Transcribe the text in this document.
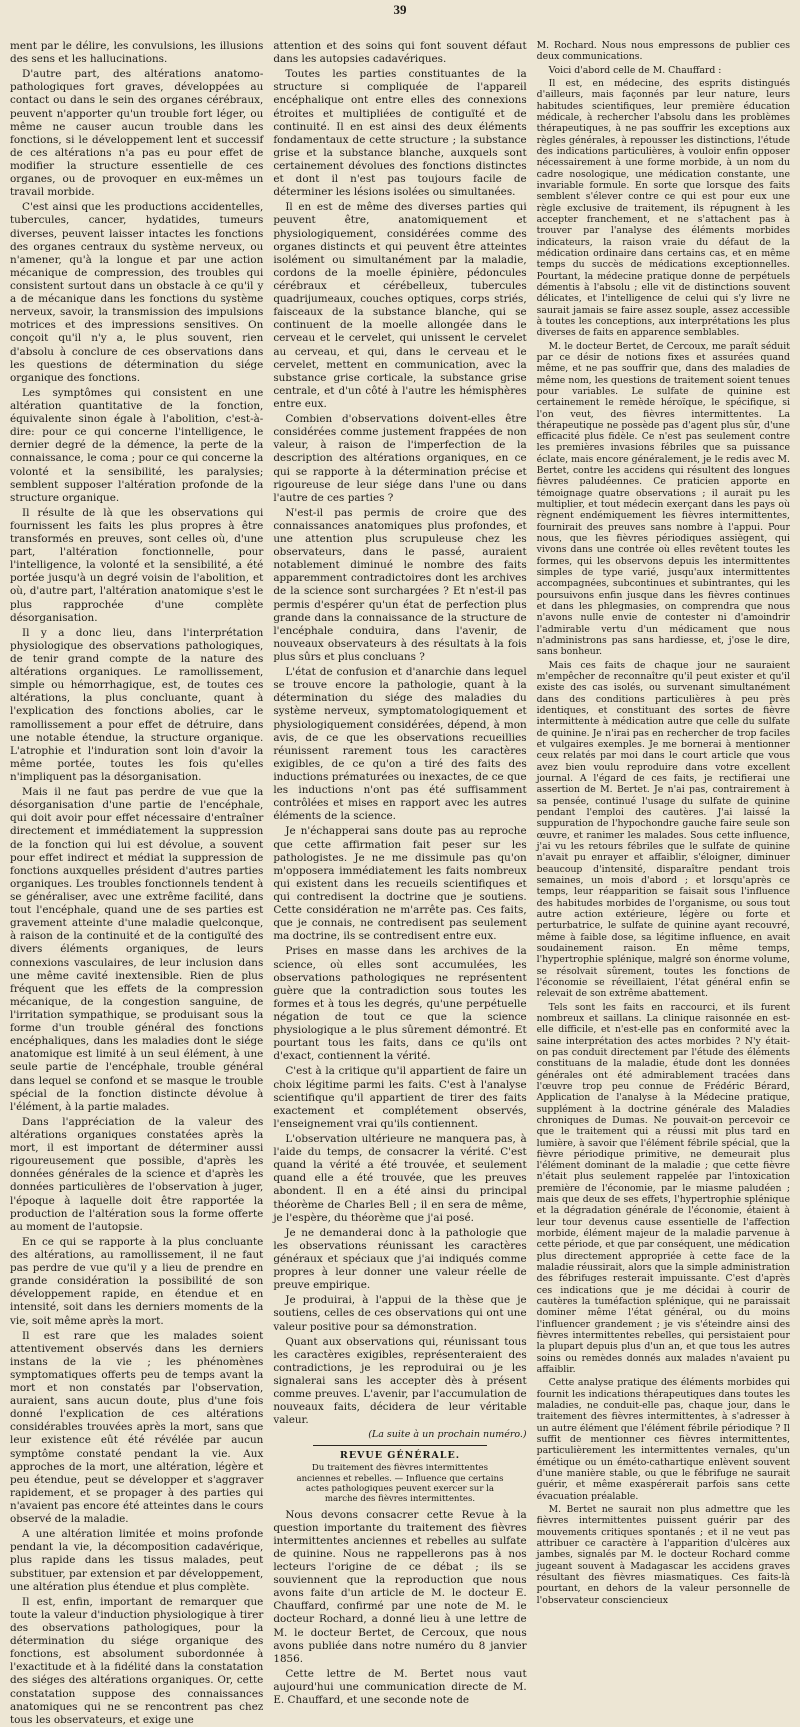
39

ment par le délire, les convulsions, les illusions des sens et les hallucinations.

D'autre part, des altérations anatomo-pathologiques fort graves, développées au contact ou dans le sein des organes cérébraux, peuvent n'apporter qu'un trouble fort léger, ou même ne causer aucun trouble dans les fonctions, si le développement lent et successif de ces altérations n'a pas eu pour effet de modifier la structure essentielle de ces organes, ou de provoquer en eux-mêmes un travail morbide.

C'est ainsi que les productions accidentelles, tubercules, cancer, hydatides, tumeurs diverses, peuvent laisser intactes les fonctions des organes centraux du système nerveux, ou n'amener, qu'à la longue et par une action mécanique de compression, des troubles qui consistent surtout dans un obstacle à ce qu'il y a de mécanique dans les fonctions du système nerveux, savoir, la transmission des impulsions motrices et des impressions sensitives. On conçoit qu'il n'y a, le plus souvent, rien d'absolu à conclure de ces observations dans les questions de détermination du siége organique des fonctions.

Les symptômes qui consistent en une altération quantitative de la fonction, équivalente sinon égale à l'abolition, c'est-à-dire: pour ce qui concerne l'intelligence, le dernier degré de la démence, la perte de la connaissance, le coma ; pour ce qui concerne la volonté et la sensibilité, les paralysies; semblent supposer l'altération profonde de la structure organique.

Il résulte de là que les observations qui fournissent les faits les plus propres à être transformés en preuves, sont celles où, d'une part, l'altération fonctionnelle, pour l'intelligence, la volonté et la sensibilité, a été portée jusqu'à un degré voisin de l'abolition, et où, d'autre part, l'altération anatomique s'est le plus rapprochée d'une complète désorganisation.

Il y a donc lieu, dans l'interprétation physiologique des observations pathologiques, de tenir grand compte de la nature des altérations organiques. Le ramollissement, simple ou hémorrhagique, est, de toutes ces altérations, la plus concluante, quant à l'explication des fonctions abolies, car le ramollissement a pour effet de détruire, dans une notable étendue, la structure organique. L'atrophie et l'induration sont loin d'avoir la même portée, toutes les fois qu'elles n'impliquent pas la désorganisation.

Mais il ne faut pas perdre de vue que la désorganisation d'une partie de l'encéphale, qui doit avoir pour effet nécessaire d'entraîner directement et immédiatement la suppression de la fonction qui lui est dévolue, a souvent pour effet indirect et médiat la suppression de fonctions auxquelles président d'autres parties organiques. Les troubles fonctionnels tendent à se généraliser, avec une extrême facilité, dans tout l'encéphale, quand une de ses parties est gravement atteinte d'une maladie quelconque, à raison de la continuité et de la contiguïté des divers éléments organiques, de leurs connexions vasculaires, de leur inclusion dans une même cavité inextensible. Rien de plus fréquent que les effets de la compression mécanique, de la congestion sanguine, de l'irritation sympathique, se produisant sous la forme d'un trouble général des fonctions encéphaliques, dans les maladies dont le siége anatomique est limité à un seul élément, à une seule partie de l'encéphale, trouble général dans lequel se confond et se masque le trouble spécial de la fonction distincte dévolue à l'élément, à la partie malades.

Dans l'appréciation de la valeur des altérations organiques constatées après la mort, il est important de déterminer aussi rigoureusement que possible, d'après les données générales de la science et d'après les données particulières de l'observation à juger, l'époque à laquelle doit être rapportée la production de l'altération sous la forme offerte au moment de l'autopsie.

En ce qui se rapporte à la plus concluante des altérations, au ramollissement, il ne faut pas perdre de vue qu'il y a lieu de prendre en grande considération la possibilité de son développement rapide, en étendue et en intensité, soit dans les derniers moments de la vie, soit même après la mort.

Il est rare que les malades soient attentivement observés dans les derniers instans de la vie ; les phénomènes symptomatiques offerts peu de temps avant la mort et non constatés par l'observation, auraient, sans aucun doute, plus d'une fois donné l'explication de ces altérations considérables trouvées après la mort, sans que leur existence eût été révélée par aucun symptôme constaté pendant la vie. Aux approches de la mort, une altération, légère et peu étendue, peut se développer et s'aggraver rapidement, et se propager à des parties qui n'avaient pas encore été atteintes dans le cours observé de la maladie.

A une altération limitée et moins profonde pendant la vie, la décomposition cadavérique, plus rapide dans les tissus malades, peut substituer, par extension et par développement, une altération plus étendue et plus complète.

Il est, enfin, important de remarquer que toute la valeur d'induction physiologique à tirer des observations pathologiques, pour la détermination du siége organique des fonctions, est absolument subordonnée à l'exactitude et à la fidélité dans la constatation des siéges des altérations organiques. Or, cette constatation suppose des connaissances anatomiques qui ne se rencontrent pas chez tous les observateurs, et exige une

attention et des soins qui font souvent défaut dans les autopsies cadavériques.

Toutes les parties constituantes de la structure si compliquée de l'appareil encéphalique ont entre elles des connexions étroites et multipliées de contiguïté et de continuité. Il en est ainsi des deux éléments fondamentaux de cette structure ; la substance grise et la substance blanche, auxquels sont certainement dévolues des fonctions distinctes et dont il n'est pas toujours facile de déterminer les lésions isolées ou simultanées.

Il en est de même des diverses parties qui peuvent être, anatomiquement et physiologiquement, considérées comme des organes distincts et qui peuvent être atteintes isolément ou simultanément par la maladie, cordons de la moelle épinière, pédoncules cérébraux et cérébelleux, tubercules quadrijumeaux, couches optiques, corps striés, faisceaux de la substance blanche, qui se continuent de la moelle allongée dans le cerveau et le cervelet, qui unissent le cervelet au cerveau, et qui, dans le cerveau et le cervelet, mettent en communication, avec la substance grise corticale, la substance grise centrale, et d'un côté à l'autre les hémisphères entre eux.

Combien d'observations doivent-elles être considérées comme justement frappées de non valeur, à raison de l'imperfection de la description des altérations organiques, en ce qui se rapporte à la détermination précise et rigoureuse de leur siége dans l'une ou dans l'autre de ces parties ?

N'est-il pas permis de croire que des connaissances anatomiques plus profondes, et une attention plus scrupuleuse chez les observateurs, dans le passé, auraient notablement diminué le nombre des faits apparemment contradictoires dont les archives de la science sont surchargées ? Et n'est-il pas permis d'espérer qu'un état de perfection plus grande dans la connaissance de la structure de l'encéphale conduira, dans l'avenir, de nouveaux observateurs à des résultats à la fois plus sûrs et plus concluans ?

L'état de confusion et d'anarchie dans lequel se trouve encore la pathologie, quant à la détermination du siége des maladies du système nerveux, symptomatologiquement et physiologiquement considérées, dépend, à mon avis, de ce que les observations recueillies réunissent rarement tous les caractères exigibles, de ce qu'on a tiré des faits des inductions prématurées ou inexactes, de ce que les inductions n'ont pas été suffisamment contrôlées et mises en rapport avec les autres éléments de la science.

Je n'échapperai sans doute pas au reproche que cette affirmation fait peser sur les pathologistes. Je ne me dissimule pas qu'on m'opposera immédiatement les faits nombreux qui existent dans les recueils scientifiques et qui contredisent la doctrine que je soutiens. Cette considération ne m'arrête pas. Ces faits, que je connais, ne contredisent pas seulement ma doctrine, ils se contredisent entre eux.

Prises en masse dans les archives de la science, où elles sont accumulées, les observations pathologiques ne représentent guère que la contradiction sous toutes les formes et à tous les degrés, qu'une perpétuelle négation de tout ce que la science physiologique a le plus sûrement démontré. Et pourtant tous les faits, dans ce qu'ils ont d'exact, contiennent la vérité.

C'est à la critique qu'il appartient de faire un choix légitime parmi les faits. C'est à l'analyse scientifique qu'il appartient de tirer des faits exactement et complétement observés, l'enseignement vrai qu'ils contiennent.

L'observation ultérieure ne manquera pas, à l'aide du temps, de consacrer la vérité. C'est quand la vérité a été trouvée, et seulement quand elle a été trouvée, que les preuves abondent. Il en a été ainsi du principal théorème de Charles Bell ; il en sera de même, je l'espère, du théorème que j'ai posé.

Je ne demanderai donc à la pathologie que les observations réunissant les caractères généraux et spéciaux que j'ai indiqués comme propres à leur donner une valeur réelle de preuve empirique.

Je produirai, à l'appui de la thèse que je soutiens, celles de ces observations qui ont une valeur positive pour sa démonstration.

Quant aux observations qui, réunissant tous les caractères exigibles, représenteraient des contradictions, je les reproduirai ou je les signalerai sans les accepter dès à présent comme preuves. L'avenir, par l'accumulation de nouveaux faits, décidera de leur véritable valeur.

(La suite à un prochain numéro.)

REVUE GÉNÉRALE.

Du traitement des fièvres intermittentes anciennes et rebelles. — Influence que certains actes pathologiques peuvent exercer sur la marche des fièvres intermittentes.

Nous devons consacrer cette Revue à la question importante du traitement des fièvres intermittentes anciennes et rebelles au sulfate de quinine. Nous ne rappellerons pas à nos lecteurs l'origine de ce débat ; ils se souviennent que la reproduction que nous avons faite d'un article de M. le docteur E. Chauffard, confirmé par une note de M. le docteur Rochard, a donné lieu à une lettre de M. le docteur Bertet, de Cercoux, que nous avons publiée dans notre numéro du 8 janvier 1856.

Cette lettre de M. Bertet nous vaut aujourd'hui une communication directe de M. E. Chauffard, et une seconde note de

M. Rochard. Nous nous empressons de publier ces deux communications.

Voici d'abord celle de M. Chauffard :

Il est, en médecine, des esprits distingués d'ailleurs, mais façonnés par leur nature, leurs habitudes scientifiques, leur première éducation médicale, à rechercher l'absolu dans les problèmes thérapeutiques, à ne pas souffrir les exceptions aux règles générales, à repousser les distinctions, l'étude des indications particulières, à vouloir enfin opposer nécessairement à une forme morbide, à un nom du cadre nosologique, une médication constante, une invariable formule. En sorte que lorsque des faits semblent s'élever contre ce qui est pour eux une règle exclusive de traitement, ils répugnent à les accepter franchement, et ne s'attachent pas à trouver par l'analyse des éléments morbides indicateurs, la raison vraie du défaut de la médication ordinaire dans certains cas, et en même temps du succès de médications exceptionnelles. Pourtant, la médecine pratique donne de perpétuels démentis à l'absolu ; elle vit de distinctions souvent délicates, et l'intelligence de celui qui s'y livre ne saurait jamais se faire assez souple, assez accessible à toutes les conceptions, aux interprétations les plus diverses de faits en apparence semblables.

M. le docteur Bertet, de Cercoux, me paraît séduit par ce désir de notions fixes et assurées quand même, et ne pas souffrir que, dans des maladies de même nom, les questions de traitement soient tenues pour variables. Le sulfate de quinine est certainement le remède héroïque, le spécifique, si l'on veut, des fièvres intermittentes. La thérapeutique ne possède pas d'agent plus sûr, d'une efficacité plus fidèle. Ce n'est pas seulement contre les premières invasions fébriles que sa puissance éclate, mais encore généralement, je le redis avec M. Bertet, contre les accidens qui résultent des longues fièvres paludéennes. Ce praticien apporte en témoignage quatre observations ; il aurait pu les multiplier, et tout médecin exerçant dans les pays où règnent endémiquement les fièvres intermittentes, fournirait des preuves sans nombre à l'appui. Pour nous, que les fièvres périodiques assiègent, qui vivons dans une contrée où elles revêtent toutes les formes, qui les observons depuis les intermittentes simples de type varié, jusqu'aux intermittentes accompagnées, subcontinues et subintrantes, qui les poursuivons enfin jusque dans les fièvres continues et dans les phlegmasies, on comprendra que nous n'avons nulle envie de contester ni d'amoindrir l'admirable vertu d'un médicament que nous n'administrons pas sans hardiesse, et, j'ose le dire, sans bonheur.

Mais ces faits de chaque jour ne sauraient m'empêcher de reconnaître qu'il peut exister et qu'il existe des cas isolés, ou survenant simultanément dans des conditions particulières à peu près identiques, et constituant des sortes de fièvre intermittente à médication autre que celle du sulfate de quinine. Je n'irai pas en rechercher de trop faciles et vulgaires exemples. Je me bornerai à mentionner ceux relatés par moi dans le court article que vous avez bien voulu reproduire dans votre excellent journal. A l'égard de ces faits, je rectifierai une assertion de M. Bertet. Je n'ai pas, contrairement à sa pensée, continué l'usage du sulfate de quinine pendant l'emploi des cautères. J'ai laissé la suppuration de l'hypochondre gauche faire seule son œuvre, et ranimer les malades. Sous cette influence, j'ai vu les retours fébriles que le sulfate de quinine n'avait pu enrayer et affaiblir, s'éloigner, diminuer beaucoup d'intensité, disparaître pendant trois semaines, un mois d'abord ; et lorsqu'après ce temps, leur réapparition se faisait sous l'influence des habitudes morbides de l'organisme, ou sous tout autre action extérieure, légère ou forte et perturbatrice, le sulfate de quinine ayant recouvré, même à faible dose, sa légitime influence, en avait soudainement raison. En même temps, l'hypertrophie splénique, malgré son énorme volume, se résolvait sûrement, toutes les fonctions de l'économie se réveillaient, l'état général enfin se relevait de son extrême abattement.

Tels sont les faits en raccourci, et ils furent nombreux et saillans. La clinique raisonnée en est-elle difficile, et n'est-elle pas en conformité avec la saine interprétation des actes morbides ? N'y était-on pas conduit directement par l'étude des éléments constituans de la maladie, étude dont les données générales ont été admirablement tracées dans l'œuvre trop peu connue de Frédéric Bérard, Application de l'analyse à la Médecine pratique, supplément à la doctrine générale des Maladies chroniques de Dumas. Ne pouvait-on percevoir ce que le traitement qui a réussi mit plus tard en lumière, à savoir que l'élément fébrile spécial, que la fièvre périodique primitive, ne demeurait plus l'élément dominant de la maladie ; que cette fièvre n'était plus seulement rappelée par l'intoxication première de l'économie, par le miasme paludéen ; mais que deux de ses effets, l'hypertrophie splénique et la dégradation générale de l'économie, étaient à leur tour devenus cause essentielle de l'affection morbide, élément majeur de la maladie parvenue à cette période, et que par conséquent, une médication plus directement appropriée à cette face de la maladie réussirait, alors que la simple administration des fébrifuges resterait impuissante. C'est d'après ces indications que je me décidai à courir de cautères la tuméfaction splénique, qui ne paraissait dominer même l'état général, ou du moins l'influencer grandement ; je vis s'éteindre ainsi des fièvres intermittentes rebelles, qui persistaient pour la plupart depuis plus d'un an, et que tous les autres soins ou remèdes donnés aux malades n'avaient pu affaiblir.

Cette analyse pratique des éléments morbides qui fournit les indications thérapeutiques dans toutes les maladies, ne conduit-elle pas, chaque jour, dans le traitement des fièvres intermittentes, à s'adresser à un autre élément que l'élément fébrile périodique ? Il suffit de mentionner ces fièvres intermittentes, particulièrement les intermittentes vernales, qu'un émétique ou un éméto-cathartique enlèvent souvent d'une manière stable, ou que le fébrifuge ne saurait guérir, et même exaspérerait parfois sans cette évacuation préalable.

M. Bertet ne saurait non plus admettre que les fièvres intermittentes puissent guérir par des mouvements critiques spontanés ; et il ne veut pas attribuer ce caractère à l'apparition d'ulcères aux jambes, signalés par M. le docteur Rochard comme jugeant souvent à Madagascar les accidens graves résultant des fièvres miasmatiques. Ces faits-là pourtant, en dehors de la valeur personnelle de l'observateur consciencieux
